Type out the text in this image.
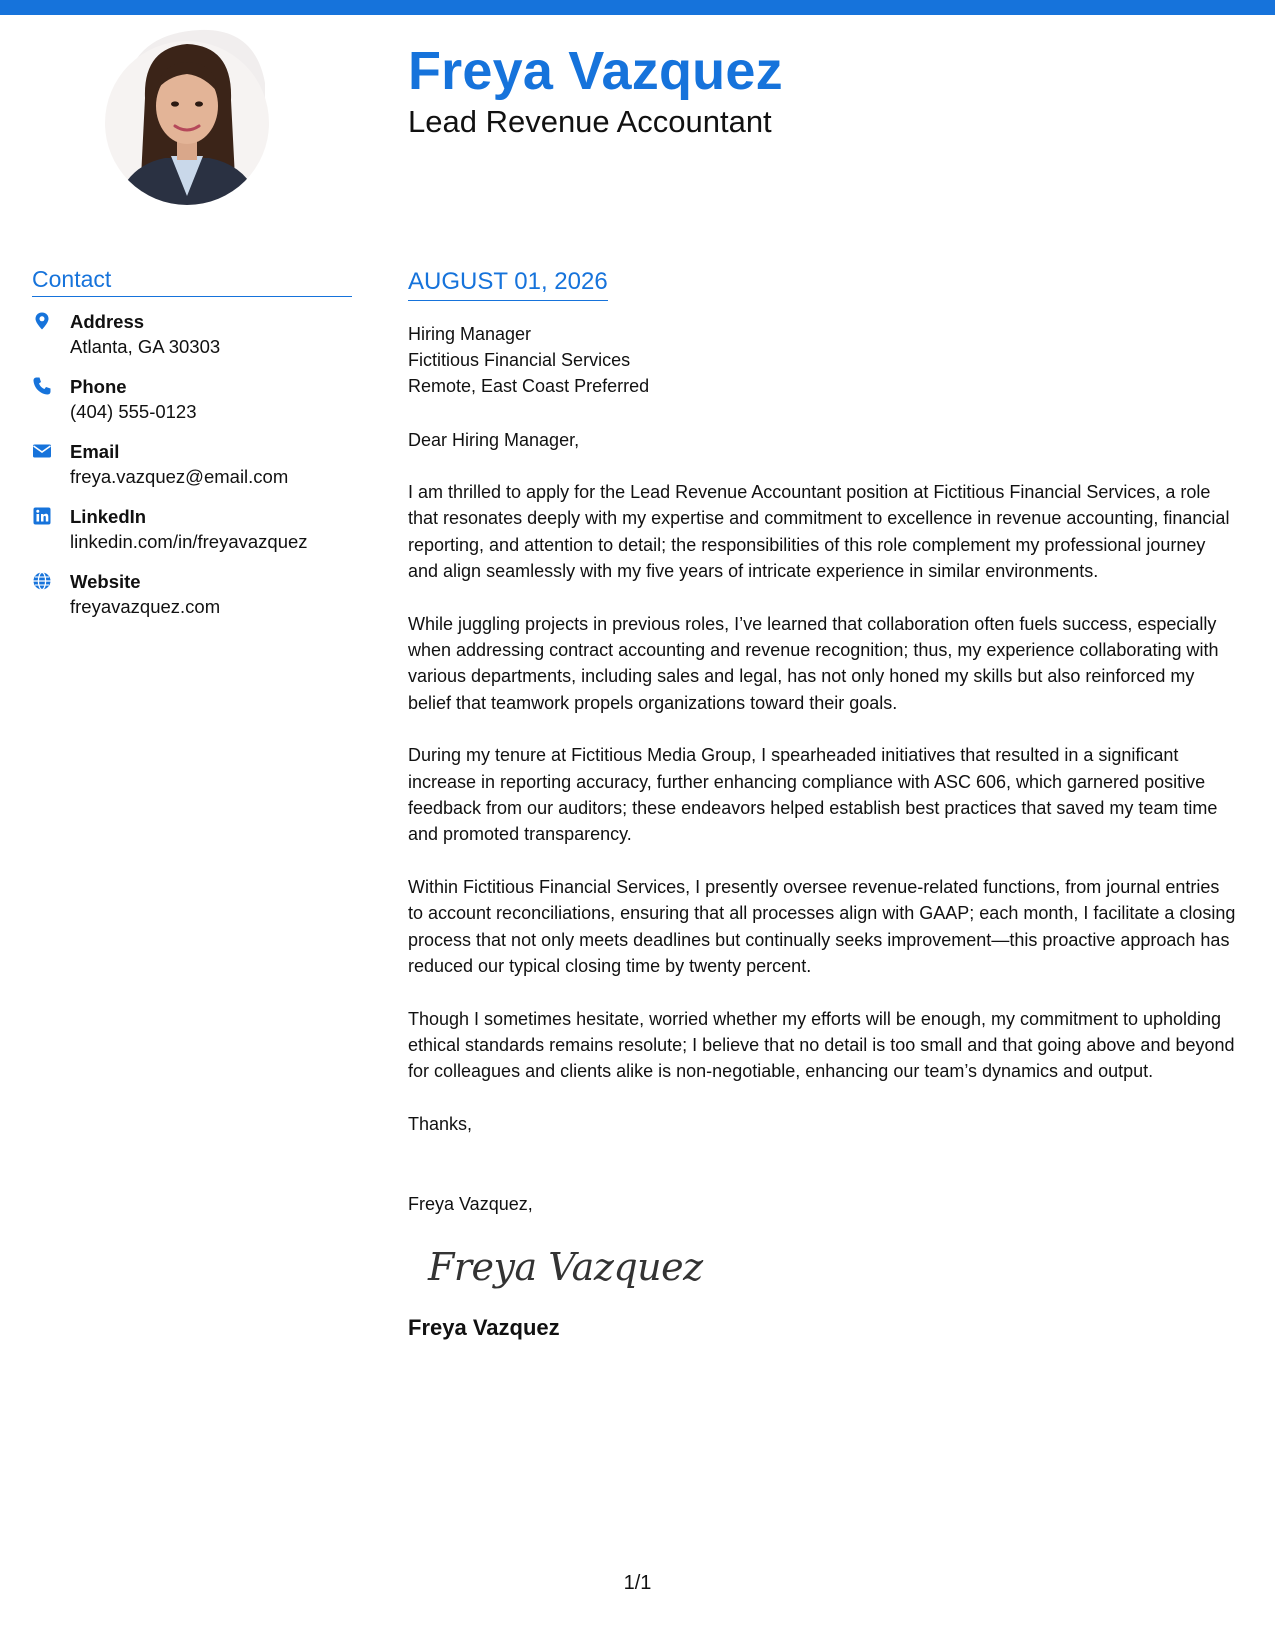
Freya Vazquez
Lead Revenue Accountant
Contact
Address
Atlanta, GA 30303
Phone
(404) 555-0123
Email
freya.vazquez@email.com
LinkedIn
linkedin.com/in/freyavazquez
Website
freyavazquez.com
AUGUST 01, 2026
Hiring Manager
Fictitious Financial Services
Remote, East Coast Preferred
Dear Hiring Manager,

I am thrilled to apply for the Lead Revenue Accountant position at Fictitious Financial Services, a role that resonates deeply with my expertise and commitment to excellence in revenue accounting, financial reporting, and attention to detail; the responsibilities of this role complement my professional journey and align seamlessly with my five years of intricate experience in similar environments.

While juggling projects in previous roles, I’ve learned that collaboration often fuels success, especially when addressing contract accounting and revenue recognition; thus, my experience collaborating with various departments, including sales and legal, has not only honed my skills but also reinforced my belief that teamwork propels organizations toward their goals.

During my tenure at Fictitious Media Group, I spearheaded initiatives that resulted in a significant increase in reporting accuracy, further enhancing compliance with ASC 606, which garnered positive feedback from our auditors; these endeavors helped establish best practices that saved my team time and promoted transparency.

Within Fictitious Financial Services, I presently oversee revenue-related functions, from journal entries to account reconciliations, ensuring that all processes align with GAAP; each month, I facilitate a closing process that not only meets deadlines but continually seeks improvement—this proactive approach has reduced our typical closing time by twenty percent.

Though I sometimes hesitate, worried whether my efforts will be enough, my commitment to upholding ethical standards remains resolute; I believe that no detail is too small and that going above and beyond for colleagues and clients alike is non-negotiable, enhancing our team’s dynamics and output.

Thanks,
Freya Vazquez,
Freya Vazquez
Freya Vazquez
1/1
